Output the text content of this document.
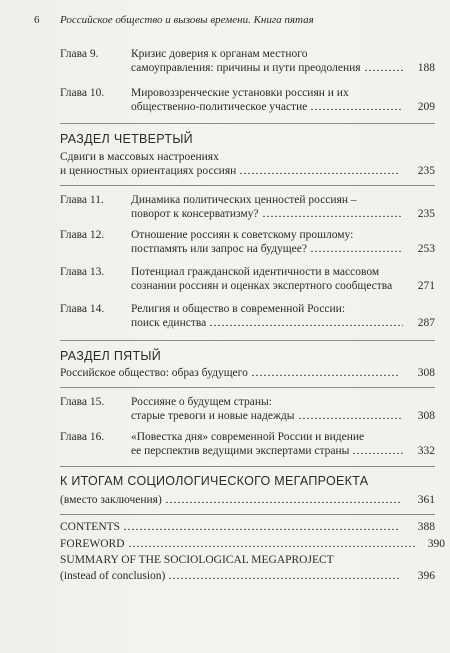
6 Российское общество и вызовы времени. Книга пятая
Глава 9.	Кризис доверия к органам местного
самоуправления: причины и пути преодоления	188
Глава 10.	Мировоззренческие установки россиян и их
общественно-политическое участие	209
РАЗДЕЛ ЧЕТВЕРТЫЙ
Сдвиги в массовых настроениях
и ценностных ориентациях россиян	235
Глава 11.	Динамика политических ценностей россиян –
поворот к консерватизму?	235
Глава 12.	Отношение россиян к советскому прошлому:
постпамять или запрос на будущее?	253
Глава 13.	Потенциал гражданской идентичности в массовом
сознании россиян и оценках экспертного сообщества 271
Глава 14.	Религия и общество в современной России:
поиск единства	287
РАЗДЕЛ ПЯТЫЙ
Российское общество: образ будущего	308
Глава 15.	Россияне о будущем страны:
старые тревоги и новые надежды	308
Глава 16.	«Повестка дня» современной России и видение
ее перспектив ведущими экспертами страны	332
К ИТОГАМ СОЦИОЛОГИЧЕСКОГО МЕГАПРОЕКТА
(вместо заключения)	361
CONTENTS	388
FOREWORD	390
SUMMARY OF THE SOCIOLOGICAL MEGAPROJECT
(instead of conclusion)	396
